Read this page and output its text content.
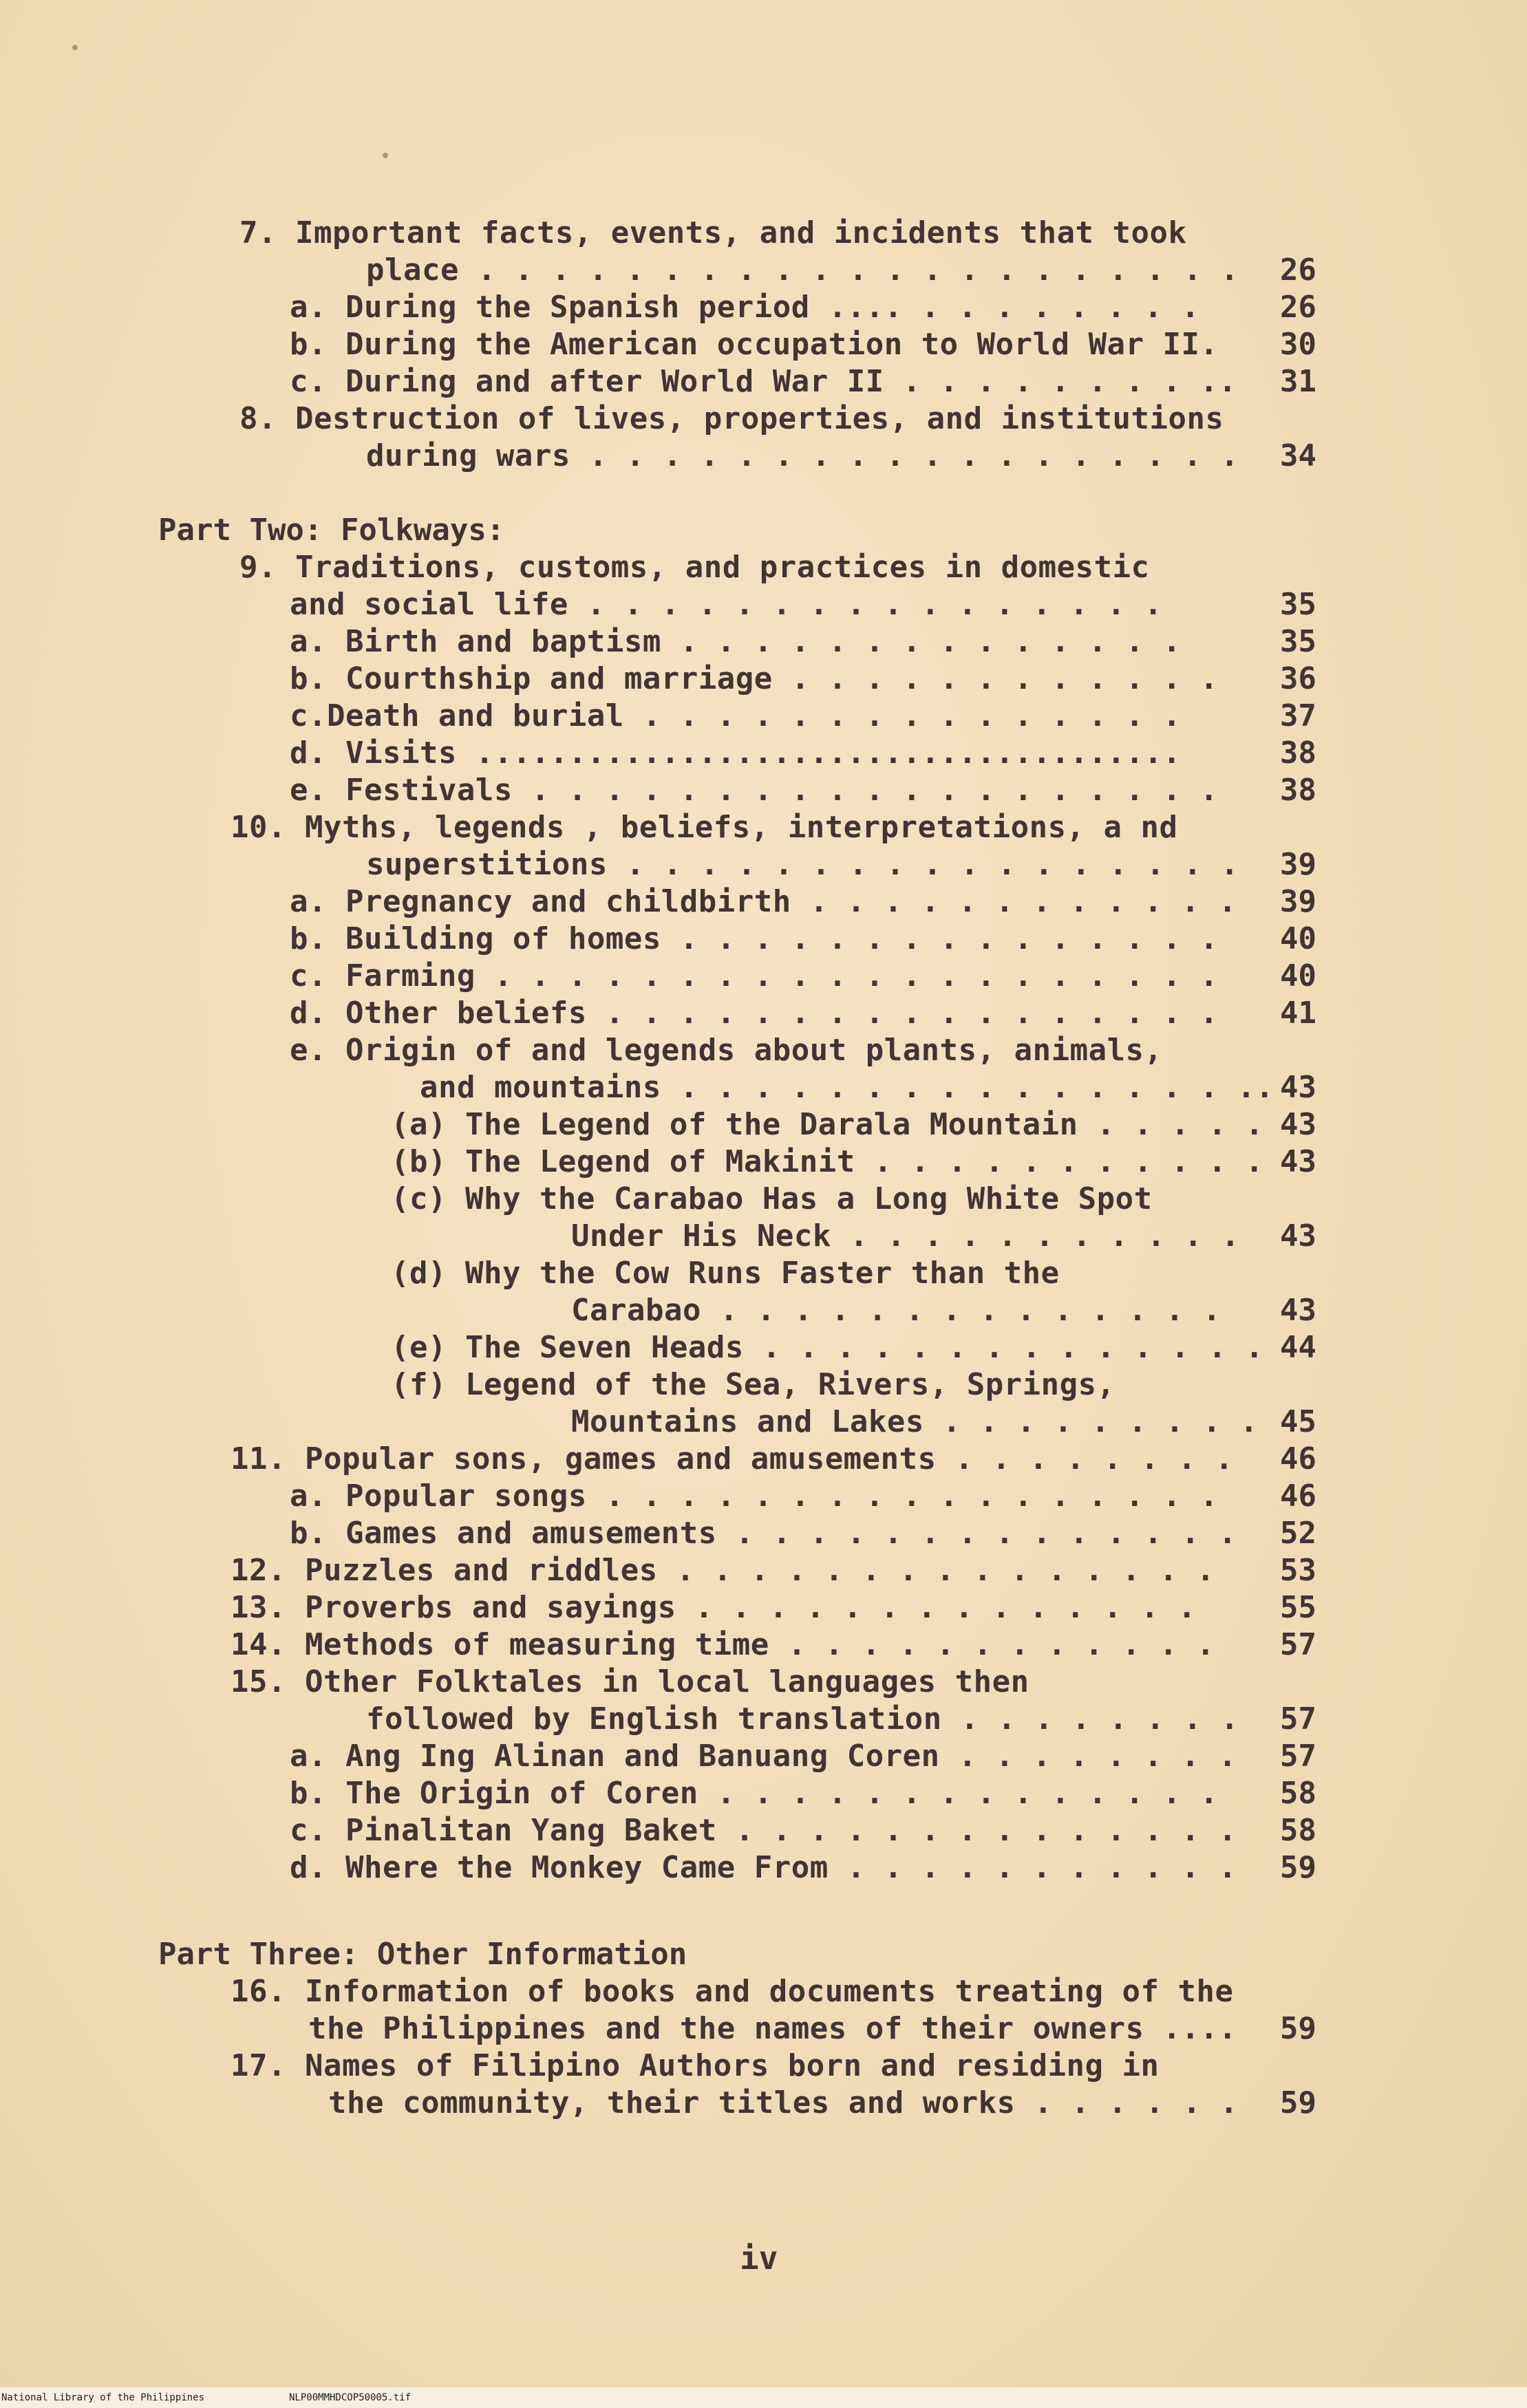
7. Important facts, events, and incidents that took
place . . . . . . . . . . . . . . . . . . . . . 26
a. During the Spanish period .... . . . . . . . .	26
b. During the American occupation to World War II. 30
c. During and after World War II . . . . . . . . .. 31
8. Destruction of lives, properties, and institutions
during wars . . . . . . . . . . . . . . . . . . 34
Part Two: Folkways:
9. Traditions, customs, and practices in domestic
and social life . . . . . . . . . . . . . . . .	35
a. Birth and baptism . . . . . . . . . . . . . .	35
b. Courthship and marriage . . . . . . . . . . . . 36
c.Death and burial . . . . . . . . . . . . . . .	37
d. Visits ......................................	38
e. Festivals . . . . . . . . . . . . . . . . . . . 38
10. Myths, legends , beliefs, interpretations, a nd
superstitions . . . . . . . . . . . . . . . . . 39
a. Pregnancy and childbirth . . . . . . . . . . . . 39
b. Building of homes . . . . . . . . . . . . . . . 40
c. Farming . . . . . . . . . . . . . . . . . . . . 40
d. Other beliefs . . . . . . . . . . . . . . . . . 41
e. Origin of and legends about plants, animals,
and mountains . . . . . . . . . . . . . . . .. 43
(a) The Legend of the Darala Mountain . . . . . 43
(b) The Legend of Makinit . . . . . . . . . . . 43
(c) Why the Carabao Has a Long White Spot
Under His Neck . . . . . . . . . . . 43
(d) Why the Cow Runs Faster than the
Carabao . . . . . . . . . . . . . . 43
(e) The Seven Heads . . . . . . . . . . . . . . 44
(f) Legend of the Sea, Rivers, Springs,
Mountains and Lakes . . . . . . . . . 45
11. Popular sons, games and amusements . . . . . . . . 46
a. Popular songs . . . . . . . . . . . . . . . . . 46
b. Games and amusements . . . . . . . . . . . . . . 52
12. Puzzles and riddles . . . . . . . . . . . . . . . 53
13. Proverbs and sayings . . . . . . . . . . . . . .	55
14. Methods of measuring time . . . . . . . . . . . . 57
15. Other Folktales in local languages then
followed by English translation . . . . . . . . 57
a. Ang Ing Alinan and Banuang Coren . . . . . . . . 57
b. The Origin of Coren . . . . . . . . . . . . . . 58
c. Pinalitan Yang Baket . . . . . . . . . . . . . . 58
d. Where the Monkey Came From . . . . . . . . . . . 59
Part Three: Other Information
16. Information of books and documents treating of the
the Philippines and the names of their owners .... 59
17. Names of Filipino Authors born and residing in
the community, their titles and works . . . . . . 59
iv
National Library of the Philippines	NLP00MMHDCOP50005.tif
